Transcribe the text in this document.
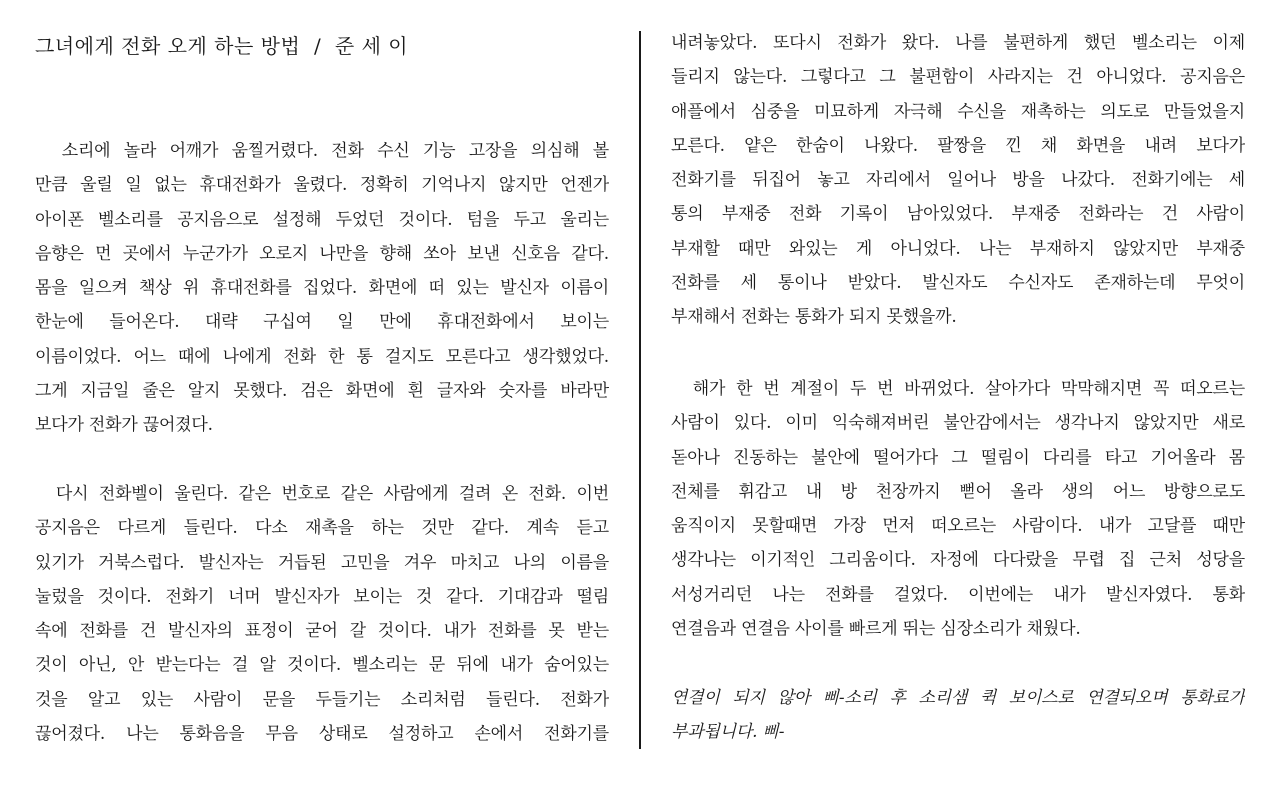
그녀에게 전화 오게 하는 방법  /  준 세 이
소리에 놀라 어깨가 움찔거렸다. 전화 수신 기능 고장을 의심해 볼
만큼 울릴 일 없는 휴대전화가 울렸다. 정확히 기억나지 않지만 언젠가
아이폰 벨소리를 공지음으로 설정해 두었던 것이다. 텀을 두고 울리는
음향은 먼 곳에서 누군가가 오로지 나만을 향해 쏘아 보낸 신호음 같다.
몸을 일으켜 책상 위 휴대전화를 집었다. 화면에 떠 있는 발신자 이름이
한눈에 들어온다. 대략 구십여 일 만에 휴대전화에서 보이는
이름이었다. 어느 때에 나에게 전화 한 통 걸지도 모른다고 생각했었다.
그게 지금일 줄은 알지 못했다. 검은 화면에 흰 글자와 숫자를 바라만
보다가 전화가 끊어졌다.
다시 전화벨이 울린다. 같은 번호로 같은 사람에게 걸려 온 전화. 이번
공지음은 다르게 들린다. 다소 재촉을 하는 것만 같다. 계속 듣고
있기가 거북스럽다. 발신자는 거듭된 고민을 겨우 마치고 나의 이름을
눌렀을 것이다. 전화기 너머 발신자가 보이는 것 같다. 기대감과 떨림
속에 전화를 건 발신자의 표정이 굳어 갈 것이다. 내가 전화를 못 받는
것이 아닌, 안 받는다는 걸 알 것이다. 벨소리는 문 뒤에 내가 숨어있는
것을 알고 있는 사람이 문을 두들기는 소리처럼 들린다. 전화가
끊어졌다. 나는 통화음을 무음 상태로 설정하고 손에서 전화기를
내려놓았다. 또다시 전화가 왔다. 나를 불편하게 했던 벨소리는 이제
들리지 않는다. 그렇다고 그 불편함이 사라지는 건 아니었다. 공지음은
애플에서 심중을 미묘하게 자극해 수신을 재촉하는 의도로 만들었을지
모른다. 얕은 한숨이 나왔다. 팔짱을 낀 채 화면을 내려 보다가
전화기를 뒤집어 놓고 자리에서 일어나 방을 나갔다. 전화기에는 세
통의 부재중 전화 기록이 남아있었다. 부재중 전화라는 건 사람이
부재할 때만 와있는 게 아니었다. 나는 부재하지 않았지만 부재중
전화를 세 통이나 받았다. 발신자도 수신자도 존재하는데 무엇이
부재해서 전화는 통화가 되지 못했을까.
해가 한 번 계절이 두 번 바뀌었다. 살아가다 막막해지면 꼭 떠오르는
사람이 있다. 이미 익숙해져버린 불안감에서는 생각나지 않았지만 새로
돋아나 진동하는 불안에 떨어가다 그 떨림이 다리를 타고 기어올라 몸
전체를 휘감고 내 방 천장까지 뻗어 올라 생의 어느 방향으로도
움직이지 못할때면 가장 먼저 떠오르는 사람이다. 내가 고달플 때만
생각나는 이기적인 그리움이다. 자정에 다다랐을 무렵 집 근처 성당을
서성거리던 나는 전화를 걸었다. 이번에는 내가 발신자였다. 통화
연결음과 연결음 사이를 빠르게 뛰는 심장소리가 채웠다.
연결이 되지 않아 삐-소리 후 소리샘 퀵 보이스로 연결되오며 통화료가
부과됩니다. 삐-
